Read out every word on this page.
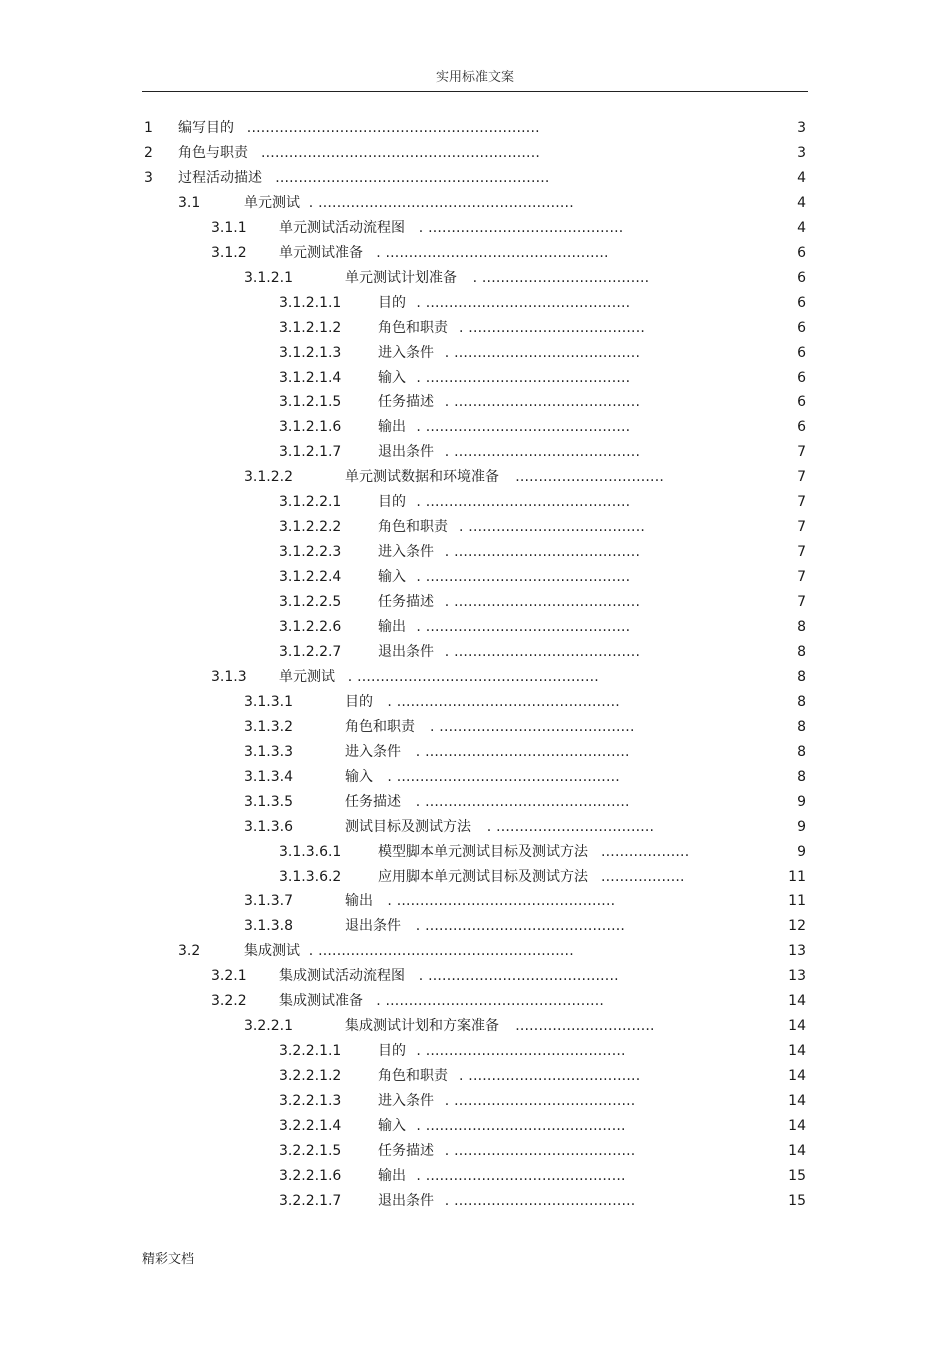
实用标准文案
1 编写目的 ...............................................................	3
2 角色与职责 ............................................................	3
3 过程活动描述 ...........................................................	4
3.1	单元测试 . .......................................................	4
3.1.1 单元测试活动流程图 . ..........................................	4
3.1.2 单元测试准备 . ................................................	6
3.1.2.1	单元测试计划准备 . ....................................	6
3.1.2.1.1	目的 . ............................................	6
3.1.2.1.2	角色和职责 . ......................................	6
3.1.2.1.3	进入条件 . ........................................	6
3.1.2.1.4	输入 . ............................................	6
3.1.2.1.5	任务描述 . ........................................	6
3.1.2.1.6	输出 . ............................................	6
3.1.2.1.7	退出条件 . ........................................	7
3.1.2.2	单元测试数据和环境准备 ................................	7
3.1.2.2.1	目的 . ............................................	7
3.1.2.2.2	角色和职责 . ......................................	7
3.1.2.2.3	进入条件 . ........................................	7
3.1.2.2.4	输入 . ............................................	7
3.1.2.2.5	任务描述 . ........................................	7
3.1.2.2.6	输出 . ............................................	8
3.1.2.2.7	退出条件 . ........................................	8
3.1.3 单元测试 . ....................................................	8
3.1.3.1	目的 . ................................................	8
3.1.3.2	角色和职责 . ..........................................	8
3.1.3.3	进入条件 . ............................................	8
3.1.3.4	输入 . ................................................	8
3.1.3.5	任务描述 . ............................................	9
3.1.3.6	测试目标及测试方法 . ..................................	9
3.1.3.6.1	模型脚本单元测试目标及测试方法 ...................	9
3.1.3.6.2	应用脚本单元测试目标及测试方法 ..................	11
3.1.3.7	输出 . ...............................................	11
3.1.3.8	退出条件 . ...........................................	12
3.2	集成测试 . .......................................................	13
3.2.1 集成测试活动流程图 . .........................................	13
3.2.2 集成测试准备 . ...............................................	14
3.2.2.1	集成测试计划和方案准备 ..............................	14
3.2.2.1.1	目的 . ...........................................	14
3.2.2.1.2	角色和职责 . .....................................	14
3.2.2.1.3	进入条件 . .......................................	14
3.2.2.1.4	输入 . ...........................................	14
3.2.2.1.5	任务描述 . .......................................	14
3.2.2.1.6	输出 . ...........................................	15
3.2.2.1.7	退出条件 . .......................................	15
精彩文档
